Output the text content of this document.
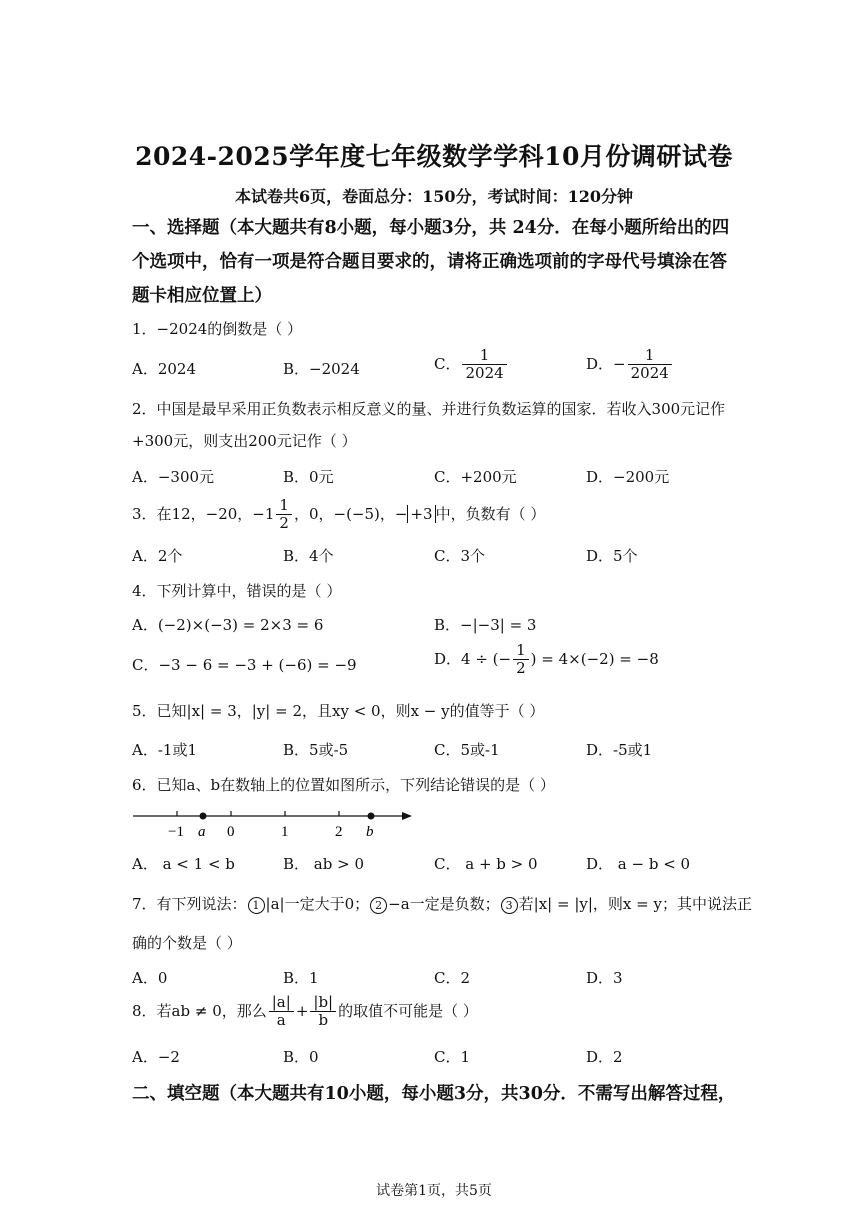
2024-2025学年度七年级数学学科10月份调研试卷
本试卷共6页，卷面总分：150分，考试时间：120分钟
一、选择题（本大题共有8小题，每小题3分，共 24分．在每小题所给出的四
个选项中，恰有一项是符合题目要求的，请将正确选项前的字母代号填涂在答
题卡相应位置上）
1．−2024的倒数是（ ）
A．2024	B．−2024	C． $\frac{1}{2024}$	D．− $\frac{1}{2024}$
2．中国是最早采用正负数表示相反意义的量、并进行负数运算的国家．若收入300元记作
+300元，则支出200元记作（ ）
A．−300元	B．0元	C．+200元	D．−200元
3．在12，−20，$-1 \frac{1}{2}$ ，0，−(−5)，− +3 中，负数有（ ）
A．2个	B．4个	C．3个	D．5个
4．下列计算中，错误的是（ ）
A．(−2)×(−3) = 2×3 = 6	B．−|−3| = 3
C．−3 − 6 = −3 + (−6) = −9	D．4 ÷ (− $\frac{1}{2}$ ) = 4×(−2) = −8
5．已知|x| = 3，|y| = 2，且xy < 0，则x − y的值等于（ ）
A．-1或1	B．5或-5	C．5或-1	D．-5或1
6．已知a、b在数轴上的位置如图所示，下列结论错误的是（ ）
−1 a 0	1	2 b
A． a < 1 < b	B． ab > 0	C． a + b > 0	D． a − b < 0
7．有下列说法： 1 |a|一定大于0； 2 −a一定是负数； 3 若|x| = |y|，则x = y；其中说法正
确的个数是（ ）
A．0	B．1	C．2	D．3
8．若ab ≠ 0，那么 $\frac{|a|}{a} + \frac{|b|}{b}$ 的取值不可能是（ ）
A．−2	B．0	C．1	D．2
二、填空题（本大题共有10小题，每小题3分，共30分．不需写出解答过程，
试卷第1页，共5页
